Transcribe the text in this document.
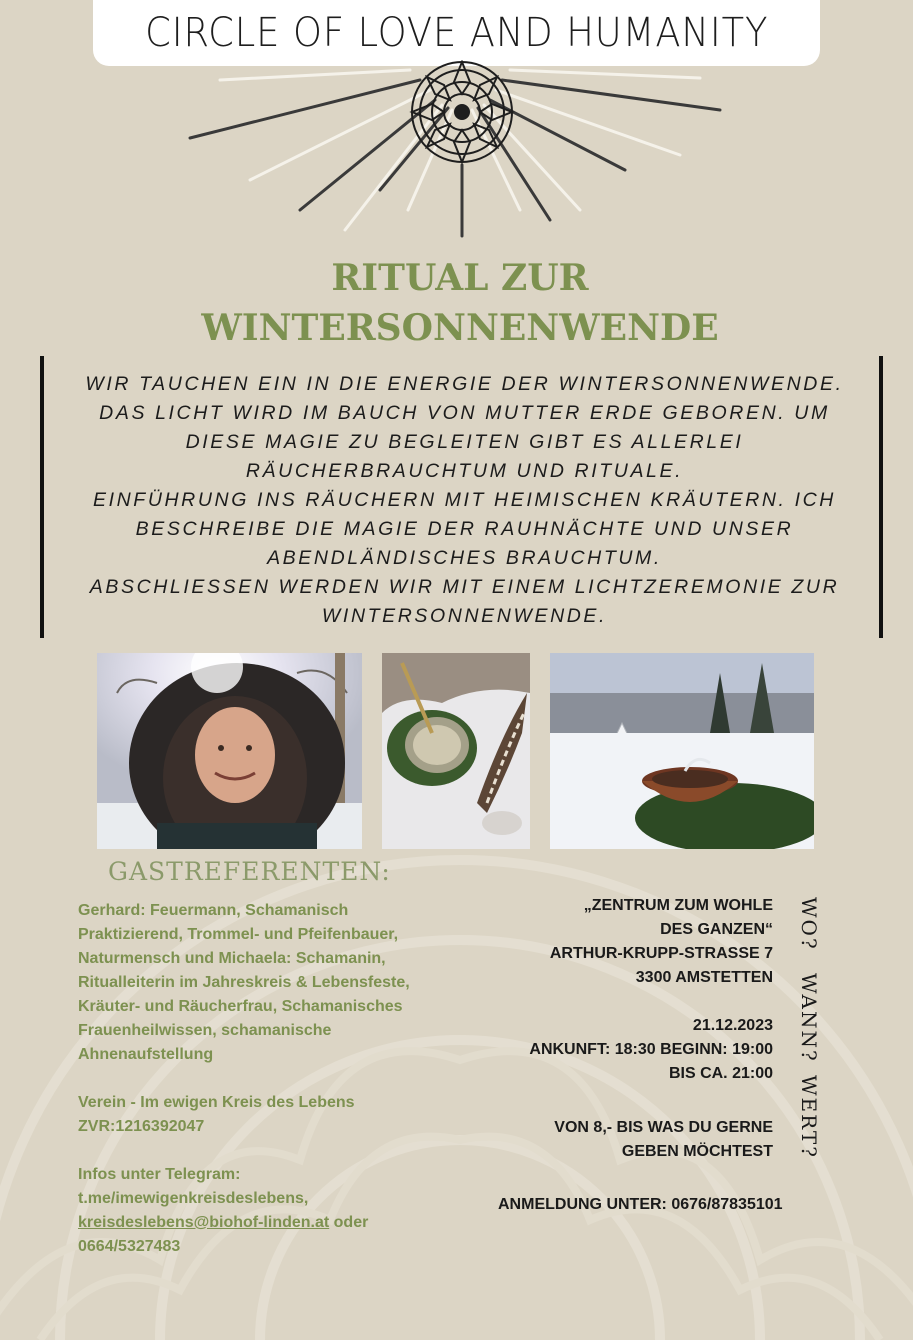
CIRCLE OF LOVE AND HUMANITY
RITUAL ZUR
WINTERSONNENWENDE
WIR TAUCHEN EIN IN DIE ENERGIE DER WINTERSONNENWENDE.
DAS LICHT WIRD IM BAUCH VON MUTTER ERDE GEBOREN. UM
DIESE MAGIE ZU BEGLEITEN GIBT ES ALLERLEI
RÄUCHERBRAUCHTUM UND RITUALE.
EINFÜHRUNG INS RÄUCHERN MIT HEIMISCHEN KRÄUTERN. ICH
BESCHREIBE DIE MAGIE DER RAUHNÄCHTE UND UNSER
ABENDLÄNDISCHES BRAUCHTUM.
ABSCHLIESSEN WERDEN WIR MIT EINEM LICHTZEREMONIE ZUR
WINTERSONNENWENDE.
GASTREFERENTEN:

Gerhard: Feuermann, Schamanisch

Praktizierend, Trommel- und Pfeifenbauer,

Naturmensch und Michaela: Schamanin,

Ritualleiterin im Jahreskreis & Lebensfeste,

Kräuter- und Räucherfrau, Schamanisches

Frauenheilwissen, schamanische

Ahnenaufstellung

Verein - Im ewigen Kreis des Lebens

ZVR:1216392047

Infos unter Telegram:

t.me/imewigenkreisdeslebens,

kreisdeslebens@biohof-linden.at oder

0664/5327483

„ZENTRUM ZUM WOHLE

DES GANZEN“

ARTHUR-KRUPP-STRASSE 7

3300 AMSTETTEN

21.12.2023

ANKUNFT: 18:30 BEGINN: 19:00

BIS CA. 21:00

VON 8,- BIS WAS DU GERNE

GEBEN MÖCHTEST

WO?
WANN?
WERT?
ANMELDUNG UNTER: 0676/87835101
